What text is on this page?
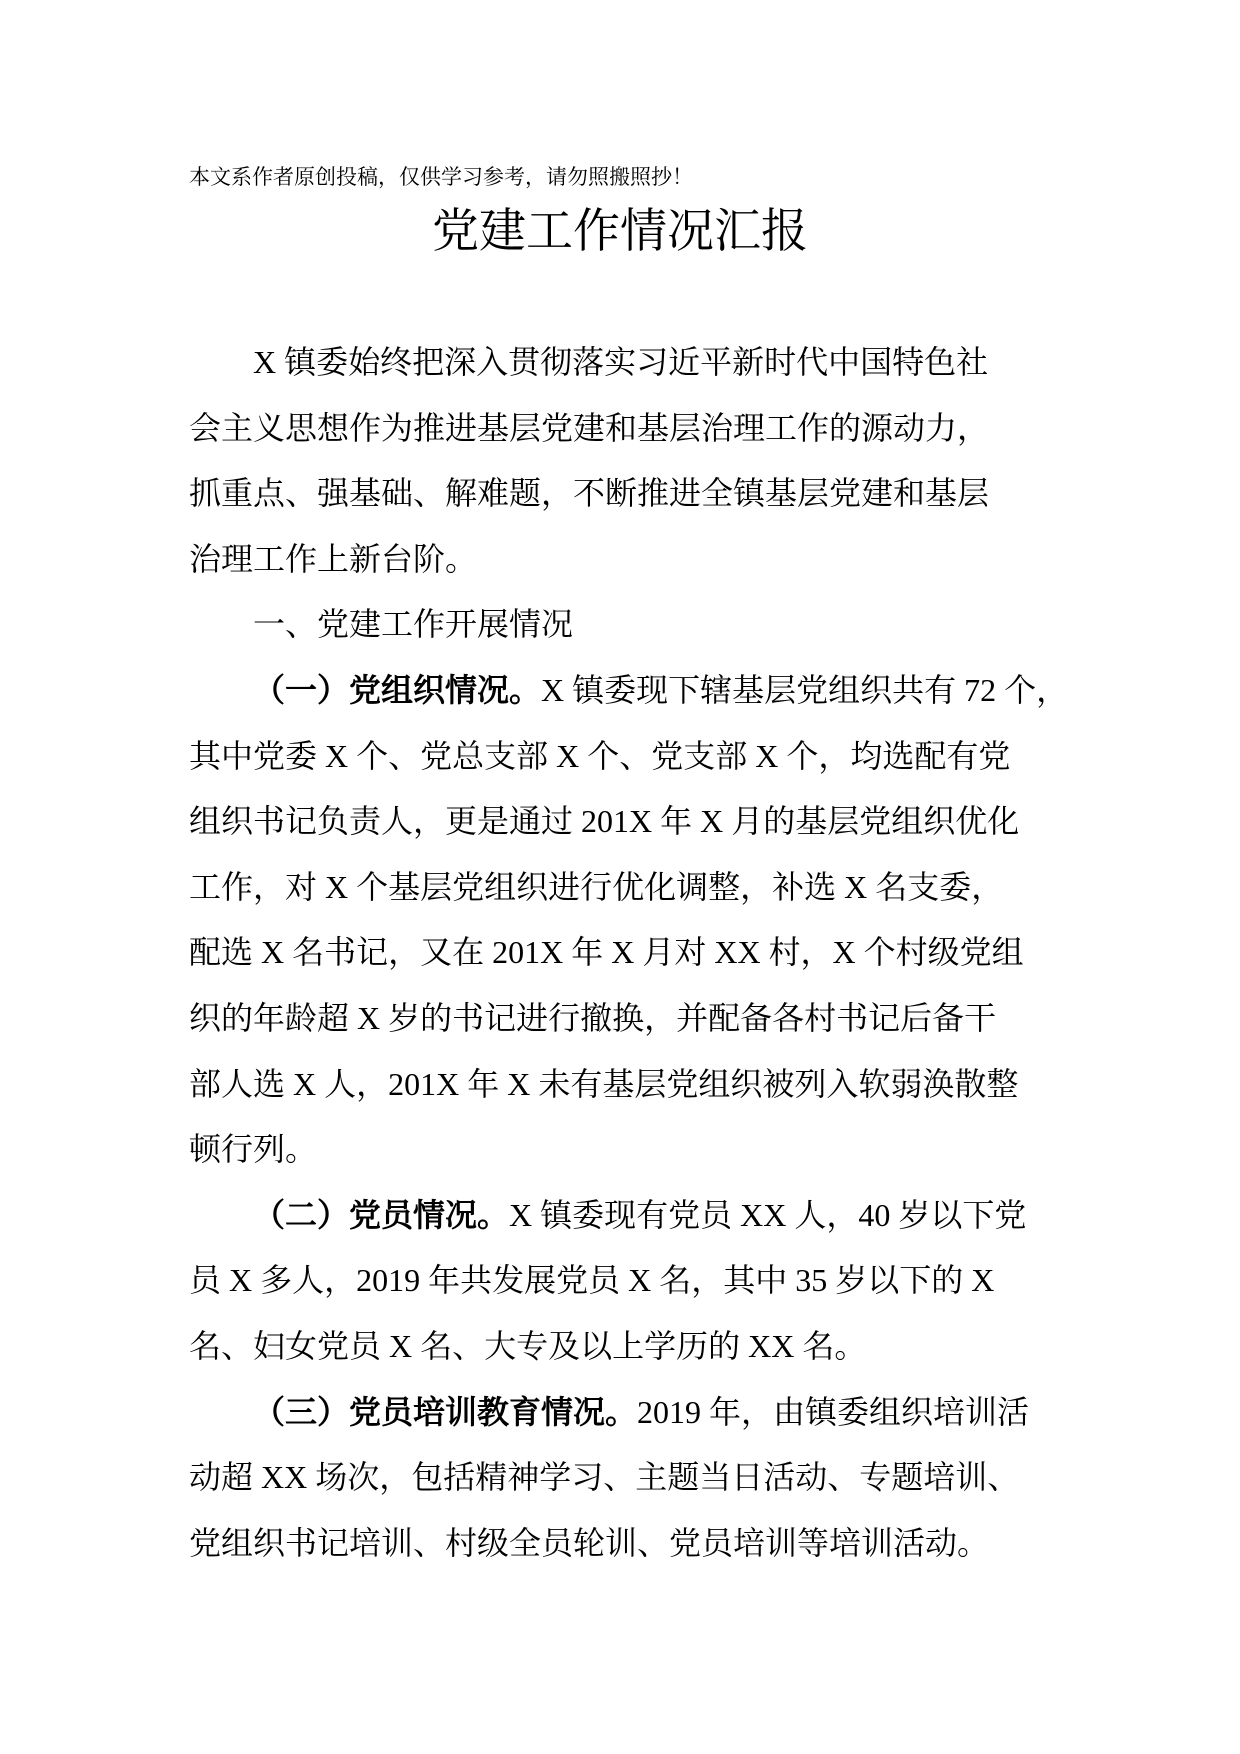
本文系作者原创投稿，仅供学习参考，请勿照搬照抄！
党建工作情况汇报
X 镇委始终把深入贯彻落实习近平新时代中国特色社
会主义思想作为推进基层党建和基层治理工作的源动力，
抓重点、强基础、解难题，不断推进全镇基层党建和基层
治理工作上新台阶。
一、党建工作开展情况
（一）党组织情况。X 镇委现下辖基层党组织共有 72 个，
其中党委 X 个、党总支部 X 个、党支部 X 个，均选配有党
组织书记负责人，更是通过 201X 年 X 月的基层党组织优化
工作，对 X 个基层党组织进行优化调整，补选 X 名支委，
配选 X 名书记，又在 201X 年 X 月对 XX 村，X 个村级党组
织的年龄超 X 岁的书记进行撤换，并配备各村书记后备干
部人选 X 人，201X 年 X 未有基层党组织被列入软弱涣散整
顿行列。
（二）党员情况。X 镇委现有党员 XX 人，40 岁以下党
员 X 多人，2019 年共发展党员 X 名，其中 35 岁以下的 X
名、妇女党员 X 名、大专及以上学历的 XX 名。
（三）党员培训教育情况。2019 年，由镇委组织培训活
动超 XX 场次，包括精神学习、主题当日活动、专题培训、
党组织书记培训、村级全员轮训、党员培训等培训活动。
